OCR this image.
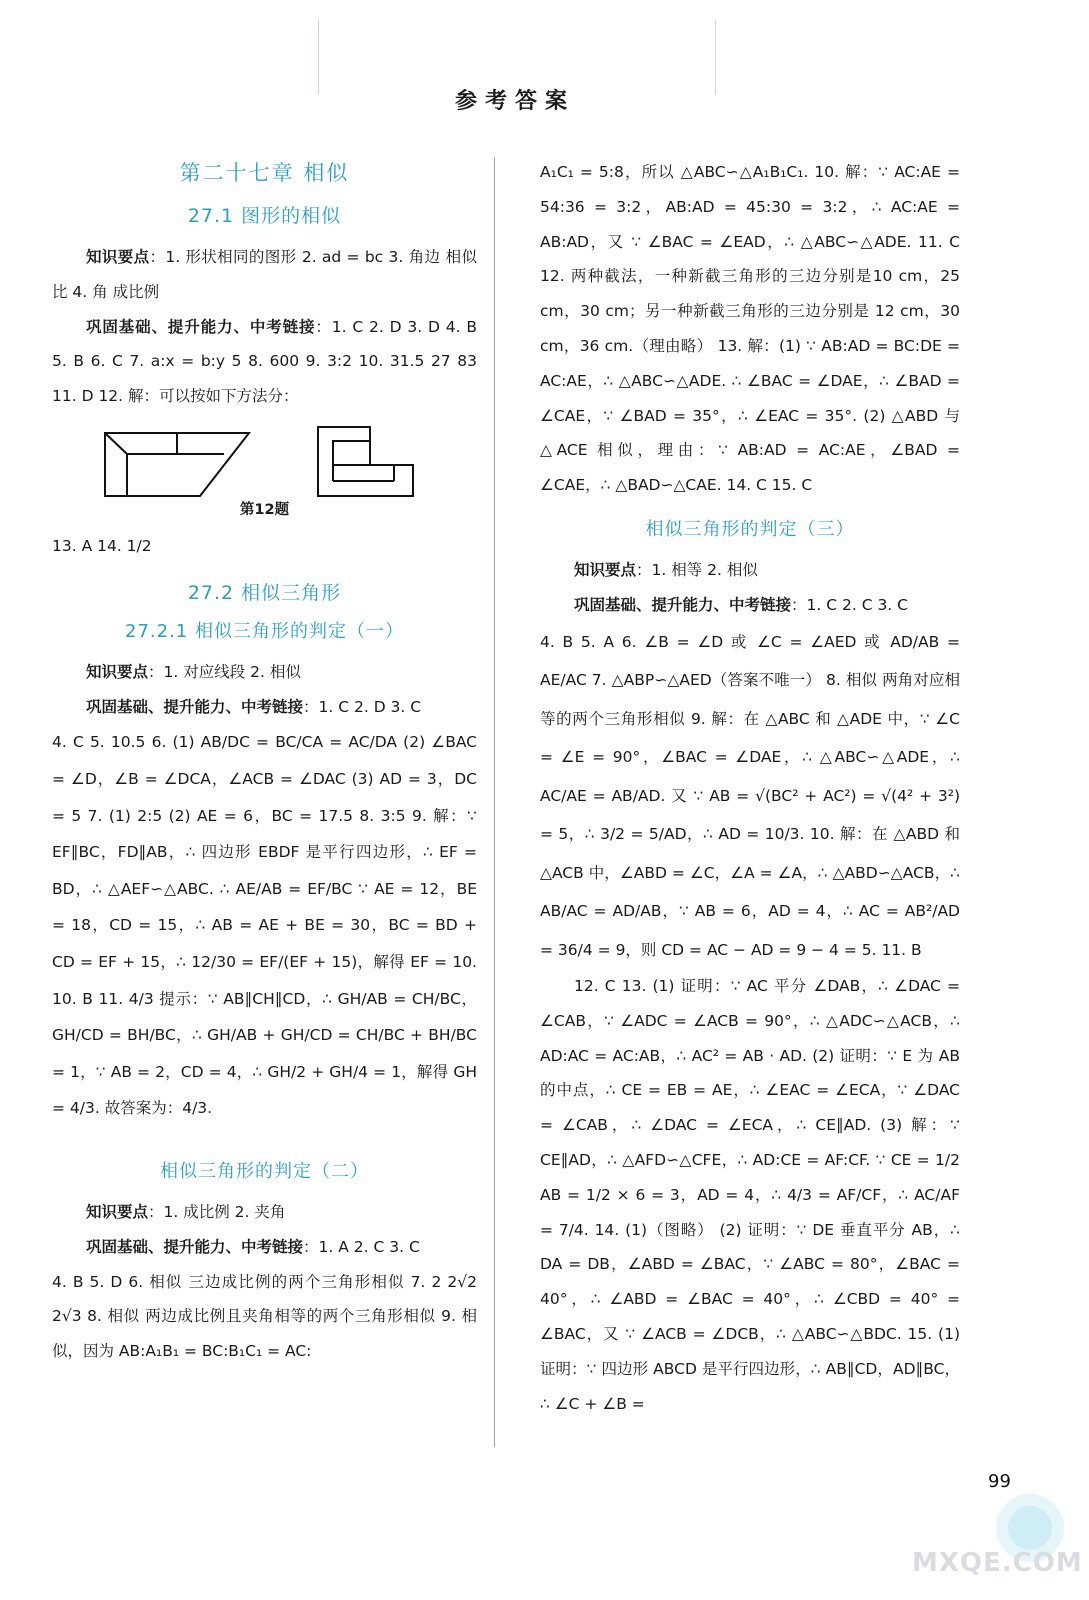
参考答案
第二十七章 相似
27.1 图形的相似

知识要点：1. 形状相同的图形 2. ad = bc 3. 角边 相似比 4. 角 成比例

巩固基础、提升能力、中考链接：1. C 2. D 3. D 4. B 5. B 6. C 7. a:x = b:y 5 8. 600 9. 3:2 10. 31.5 27 83 11. D 12. 解：可以按如下方法分：

第12题

13. A 14. 1/2

27.2 相似三角形
27.2.1 相似三角形的判定（一）

知识要点：1. 对应线段 2. 相似

巩固基础、提升能力、中考链接：1. C 2. D 3. C

4. C 5. 10.5 6. (1) AB/DC = BC/CA = AC/DA (2) ∠BAC = ∠D，∠B = ∠DCA，∠ACB = ∠DAC (3) AD = 3，DC = 5 7. (1) 2:5 (2) AE = 6，BC = 17.5 8. 3:5 9. 解：∵ EF∥BC，FD∥AB，∴ 四边形 EBDF 是平行四边形，∴ EF = BD，∴ △AEF∽△ABC. ∴ AE/AB = EF/BC ∵ AE = 12，BE = 18，CD = 15，∴ AB = AE + BE = 30，BC = BD + CD = EF + 15，∴ 12/30 = EF/(EF + 15)，解得 EF = 10. 10. B 11. 4/3 提示：∵ AB∥CH∥CD，∴ GH/AB = CH/BC，GH/CD = BH/BC，∴ GH/AB + GH/CD = CH/BC + BH/BC = 1，∵ AB = 2，CD = 4，∴ GH/2 + GH/4 = 1，解得 GH = 4/3. 故答案为：4/3.

相似三角形的判定（二）

知识要点：1. 成比例 2. 夹角

巩固基础、提升能力、中考链接：1. A 2. C 3. C

4. B 5. D 6. 相似 三边成比例的两个三角形相似 7. 2 2√2 2√3 8. 相似 两边成比例且夹角相等的两个三角形相似 9. 相似，因为 AB:A₁B₁ = BC:B₁C₁ = AC:

A₁C₁ = 5:8，所以 △ABC∽△A₁B₁C₁. 10. 解：∵ AC:AE = 54:36 = 3:2，AB:AD = 45:30 = 3:2，∴ AC:AE = AB:AD，又 ∵ ∠BAC = ∠EAD，∴ △ABC∽△ADE. 11. C 12. 两种截法，一种新截三角形的三边分别是10 cm，25 cm，30 cm；另一种新截三角形的三边分别是 12 cm，30 cm，36 cm.（理由略） 13. 解：(1) ∵ AB:AD = BC:DE = AC:AE，∴ △ABC∽△ADE. ∴ ∠BAC = ∠DAE，∴ ∠BAD = ∠CAE，∵ ∠BAD = 35°，∴ ∠EAC = 35°. (2) △ABD 与 △ACE 相似，理由：∵ AB:AD = AC:AE，∠BAD = ∠CAE，∴ △BAD∽△CAE. 14. C 15. C

相似三角形的判定（三）

知识要点：1. 相等 2. 相似

巩固基础、提升能力、中考链接：1. C 2. C 3. C

4. B 5. A 6. ∠B = ∠D 或 ∠C = ∠AED 或 AD/AB = AE/AC 7. △ABP∽△AED（答案不唯一） 8. 相似 两角对应相等的两个三角形相似 9. 解：在 △ABC 和 △ADE 中，∵ ∠C = ∠E = 90°，∠BAC = ∠DAE，∴ △ABC∽△ADE，∴ AC/AE = AB/AD. 又 ∵ AB = √(BC² + AC²) = √(4² + 3²) = 5，∴ 3/2 = 5/AD，∴ AD = 10/3. 10. 解：在 △ABD 和 △ACB 中，∠ABD = ∠C，∠A = ∠A，∴ △ABD∽△ACB，∴ AB/AC = AD/AB，∵ AB = 6，AD = 4，∴ AC = AB²/AD = 36/4 = 9，则 CD = AC − AD = 9 − 4 = 5. 11. B

12. C 13. (1) 证明：∵ AC 平分 ∠DAB，∴ ∠DAC = ∠CAB，∵ ∠ADC = ∠ACB = 90°，∴ △ADC∽△ACB，∴ AD:AC = AC:AB，∴ AC² = AB · AD. (2) 证明：∵ E 为 AB 的中点，∴ CE = EB = AE，∴ ∠EAC = ∠ECA，∵ ∠DAC = ∠CAB，∴ ∠DAC = ∠ECA，∴ CE∥AD. (3) 解：∵ CE∥AD，∴ △AFD∽△CFE，∴ AD:CE = AF:CF. ∵ CE = 1/2 AB = 1/2 × 6 = 3，AD = 4，∴ 4/3 = AF/CF，∴ AC/AF = 7/4. 14. (1)（图略） (2) 证明：∵ DE 垂直平分 AB，∴ DA = DB，∠ABD = ∠BAC，∵ ∠ABC = 80°，∠BAC = 40°，∴ ∠ABD = ∠BAC = 40°，∴ ∠CBD = 40° = ∠BAC，又 ∵ ∠ACB = ∠DCB，∴ △ABC∽△BDC. 15. (1) 证明：∵ 四边形 ABCD 是平行四边形，∴ AB∥CD，AD∥BC，∴ ∠C + ∠B =

99
MXQE.COM
